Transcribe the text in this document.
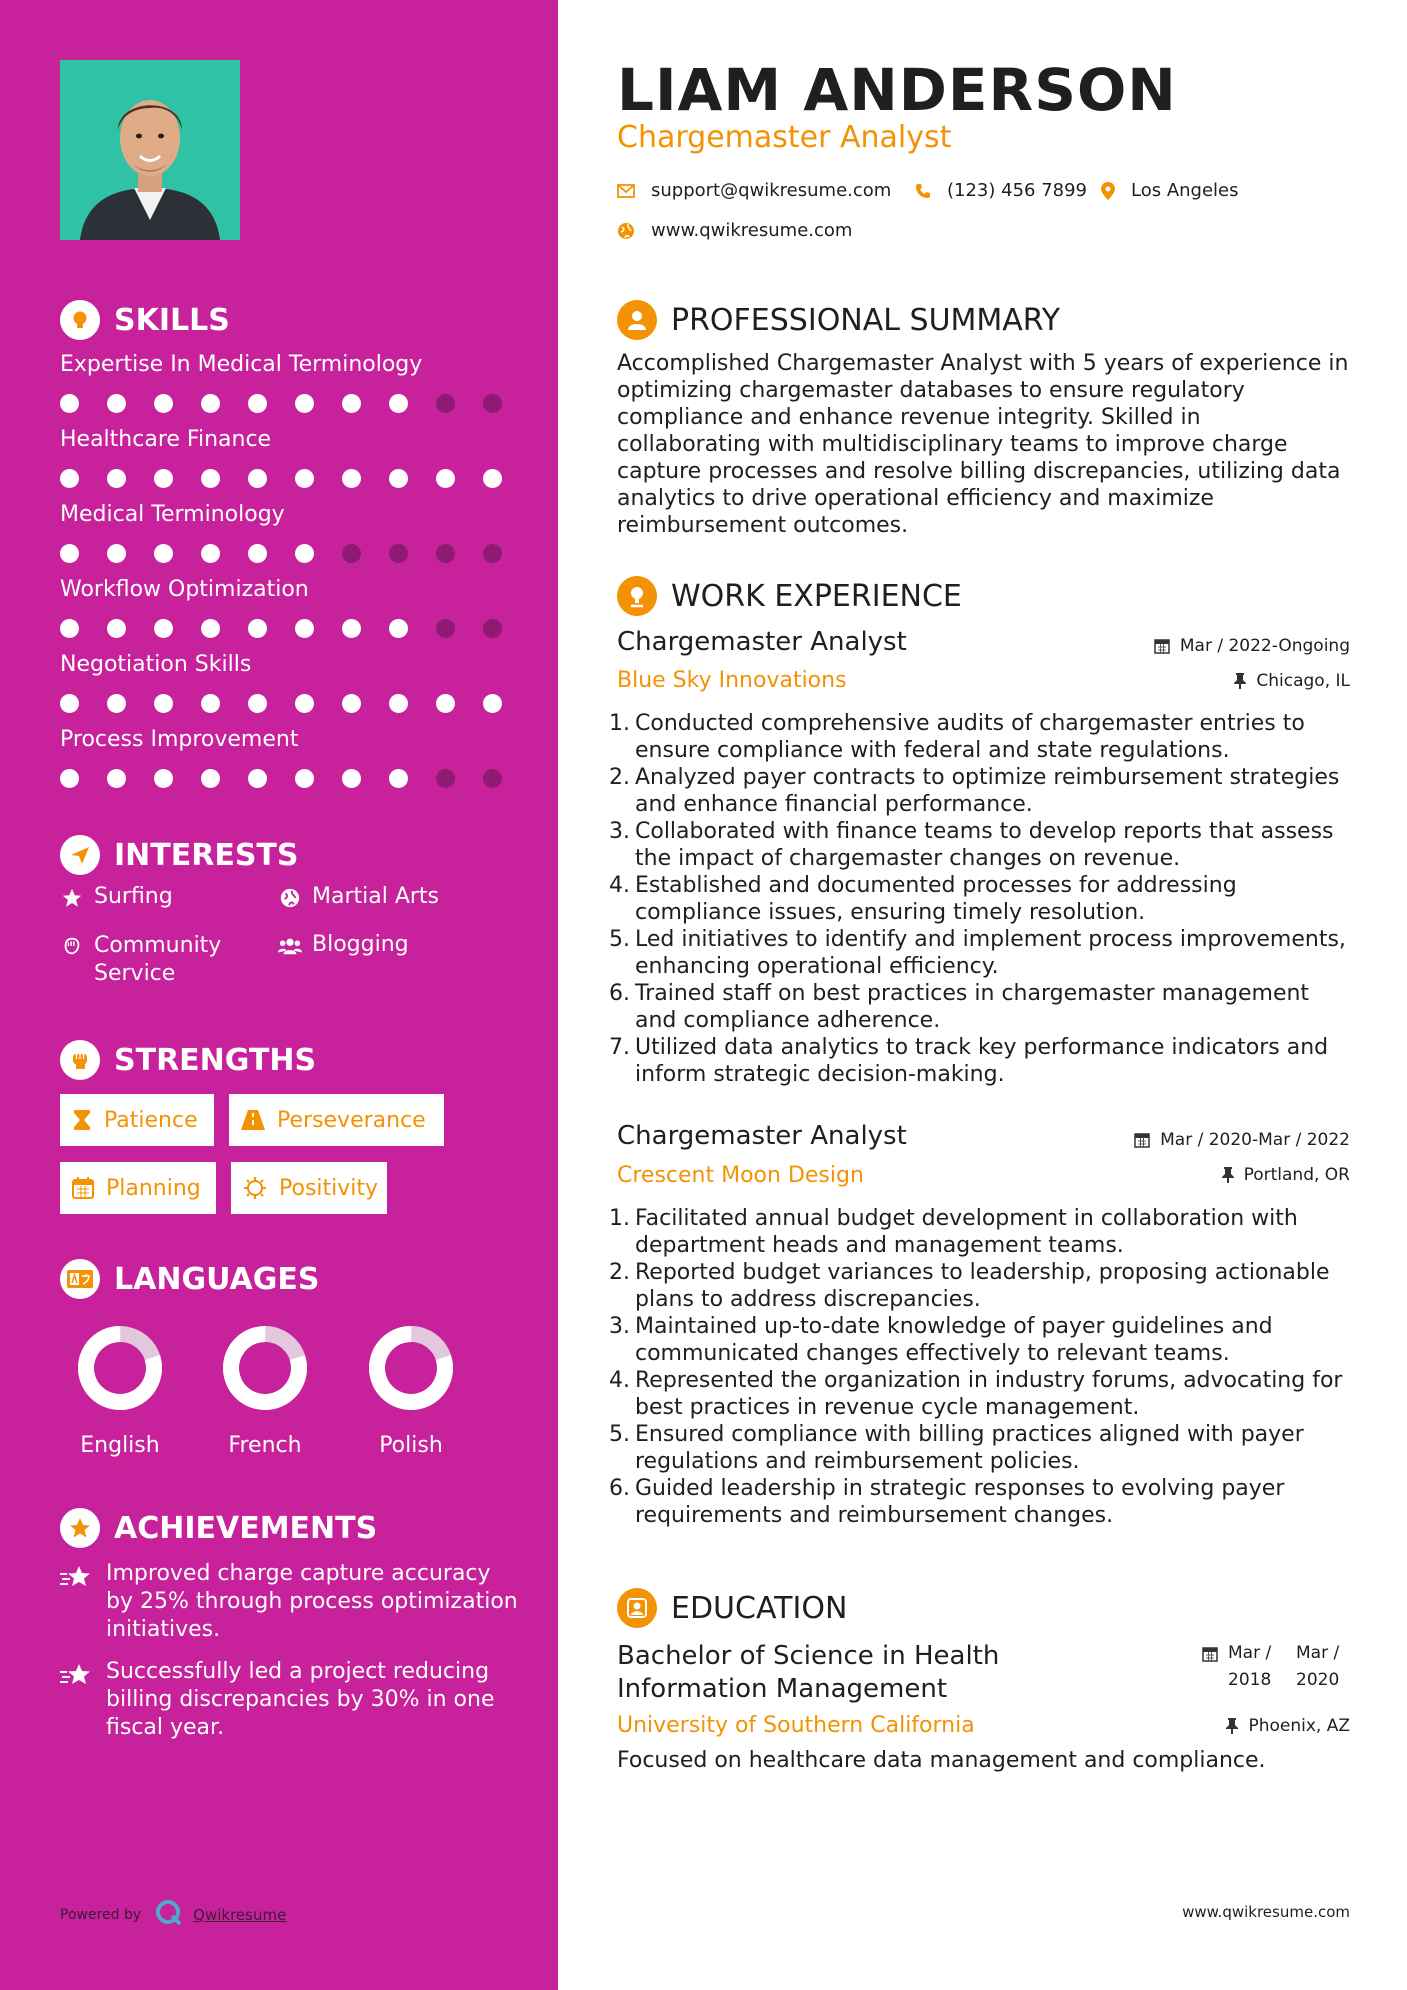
SKILLS
Expertise In Medical Terminology
Healthcare Finance
Medical Terminology
Workflow Optimization
Negotiation Skills
Process Improvement
INTERESTS
Surfing	Martial Arts
Community Service
Blogging
STRENGTHS
Patience	Perseverance
Planning	Positivity
LANGUAGES
English	French	Polish
ACHIEVEMENTS
Improved charge capture accuracy by 25% through process optimization initiatives.
Successfully led a project reducing billing discrepancies by 30% in one fiscal year.
Powered by	Qwikresume
LIAM ANDERSON
Chargemaster Analyst
support@qwikresume.com	(123) 456 7899 Los Angeles
www.qwikresume.com
PROFESSIONAL SUMMARY
Accomplished Chargemaster Analyst with 5 years of experience in optimizing chargemaster databases to ensure regulatory compliance and enhance revenue integrity. Skilled in collaborating with multidisciplinary teams to improve charge capture processes and resolve billing discrepancies, utilizing data analytics to drive operational efficiency and maximize reimbursement outcomes.
WORK EXPERIENCE
Chargemaster Analyst	Mar / 2022-Ongoing
Blue Sky Innovations	Chicago, IL
1. Conducted comprehensive audits of chargemaster entries to ensure compliance with federal and state regulations.
2. Analyzed payer contracts to optimize reimbursement strategies and enhance financial performance.
3. Collaborated with finance teams to develop reports that assess the impact of chargemaster changes on revenue.
4. Established and documented processes for addressing compliance issues, ensuring timely resolution.
5. Led initiatives to identify and implement process improvements, enhancing operational efficiency.
6. Trained staff on best practices in chargemaster management and compliance adherence.
7. Utilized data analytics to track key performance indicators and inform strategic decision-making.
Chargemaster Analyst	Mar / 2020-Mar / 2022
Crescent Moon Design	Portland, OR
1. Facilitated annual budget development in collaboration with department heads and management teams.
2. Reported budget variances to leadership, proposing actionable plans to address discrepancies.
3. Maintained up-to-date knowledge of payer guidelines and communicated changes effectively to relevant teams.
4. Represented the organization in industry forums, advocating for best practices in revenue cycle management.
5. Ensured compliance with billing practices aligned with payer regulations and reimbursement policies.
6. Guided leadership in strategic responses to evolving payer requirements and reimbursement changes.
EDUCATION
Bachelor of Science in Health Information Management
Mar / 2018
Mar / 2020
University of Southern California	Phoenix, AZ
Focused on healthcare data management and compliance.
www.qwikresume.com
